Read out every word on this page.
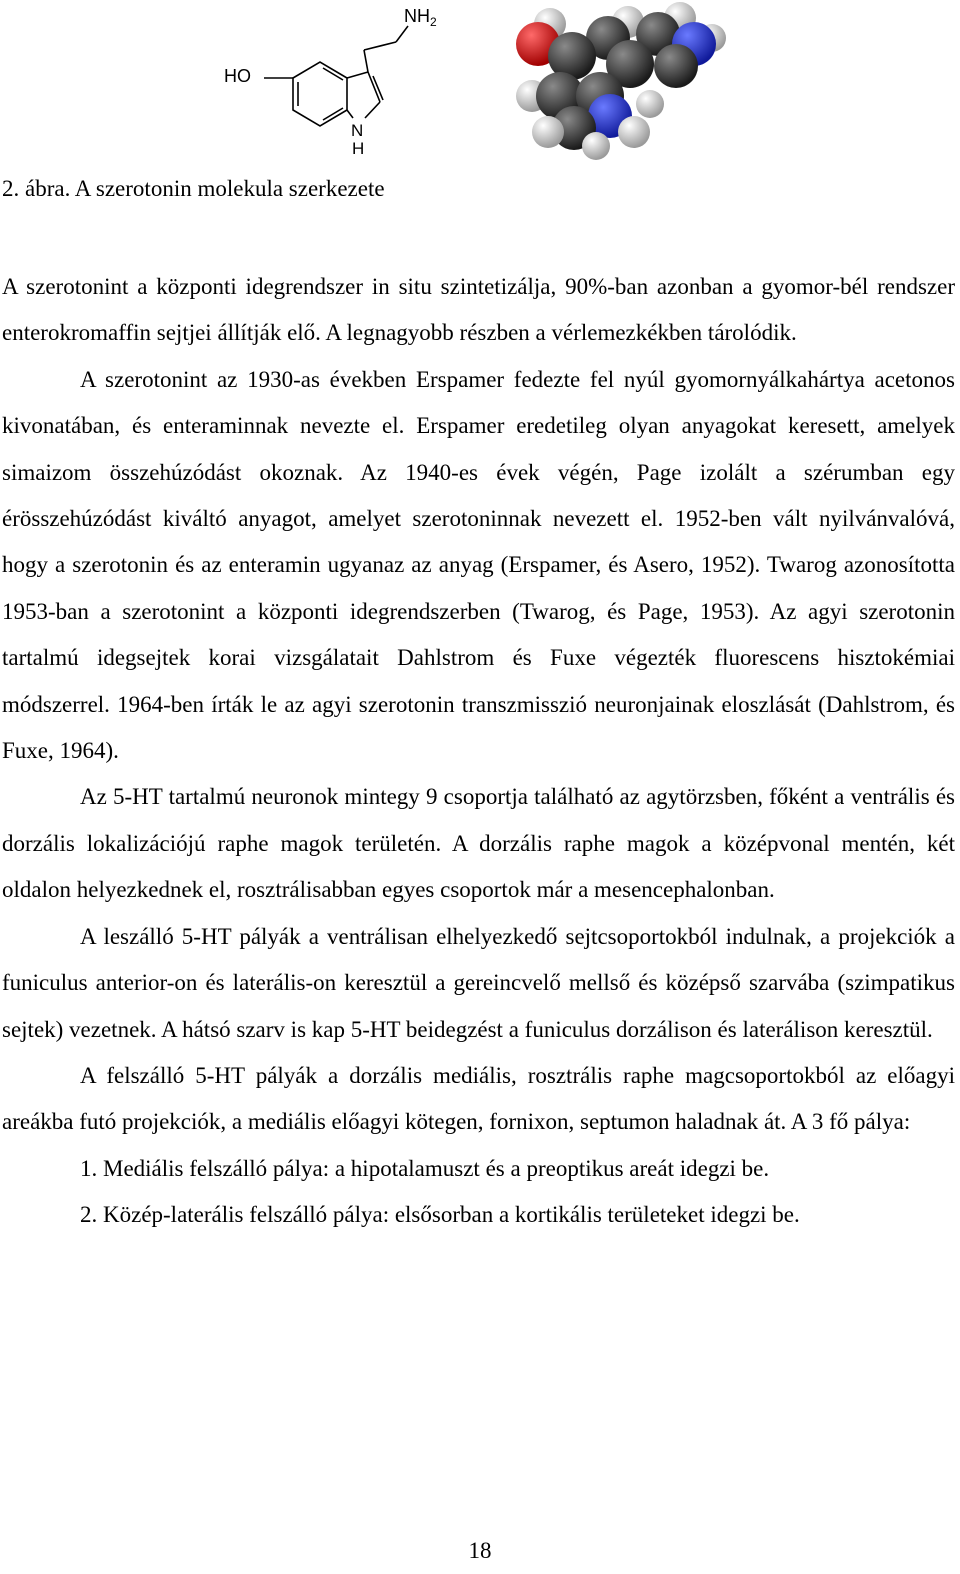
HO
$NH_2$
N
H

2. ábra. A szerotonin molekula szerkezete

A szerotonint a központi idegrendszer in situ szintetizálja, 90%-ban azonban a gyomor-bél rendszer enterokromaffin sejtjei állítják elő. A legnagyobb részben a vérlemezkékben tárolódik.

A szerotonint az 1930-as években Erspamer fedezte fel nyúl gyomornyálkahártya acetonos kivonatában, és enteraminnak nevezte el. Erspamer eredetileg olyan anyagokat keresett, amelyek simaizom összehúzódást okoznak. Az 1940-es évek végén, Page izolált a szérumban egy érösszehúzódást kiváltó anyagot, amelyet szerotoninnak nevezett el. 1952-ben vált nyilvánvalóvá, hogy a szerotonin és az enteramin ugyanaz az anyag (Erspamer, és Asero, 1952). Twarog azonosította 1953-ban a szerotonint a központi idegrendszerben (Twarog, és Page, 1953). Az agyi szerotonin tartalmú idegsejtek korai vizsgálatait Dahlstrom és Fuxe végezték fluorescens hisztokémiai módszerrel. 1964-ben írták le az agyi szerotonin transzmisszió neuronjainak eloszlását (Dahlstrom, és Fuxe, 1964).

Az 5-HT tartalmú neuronok mintegy 9 csoportja található az agytörzsben, főként a ventrális és dorzális lokalizációjú raphe magok területén. A dorzális raphe magok a középvonal mentén, két oldalon helyezkednek el, rosztrálisabban egyes csoportok már a mesencephalonban.

A leszálló 5-HT pályák a ventrálisan elhelyezkedő sejtcsoportokból indulnak, a projekciók a funiculus anterior-on és laterális-on keresztül a gereincvelő mellső és középső szarvába (szimpatikus sejtek) vezetnek. A hátsó szarv is kap 5-HT beidegzést a funiculus dorzálison és laterálison keresztül.

A felszálló 5-HT pályák a dorzális mediális, rosztrális raphe magcsoportokból az előagyi areákba futó projekciók, a mediális előagyi kötegen, fornixon, septumon haladnak át. A 3 fő pálya:

1. Mediális felszálló pálya: a hipotalamuszt és a preoptikus areát idegzi be.
2. Közép-laterális felszálló pálya: elsősorban a kortikális területeket idegzi be.
18
